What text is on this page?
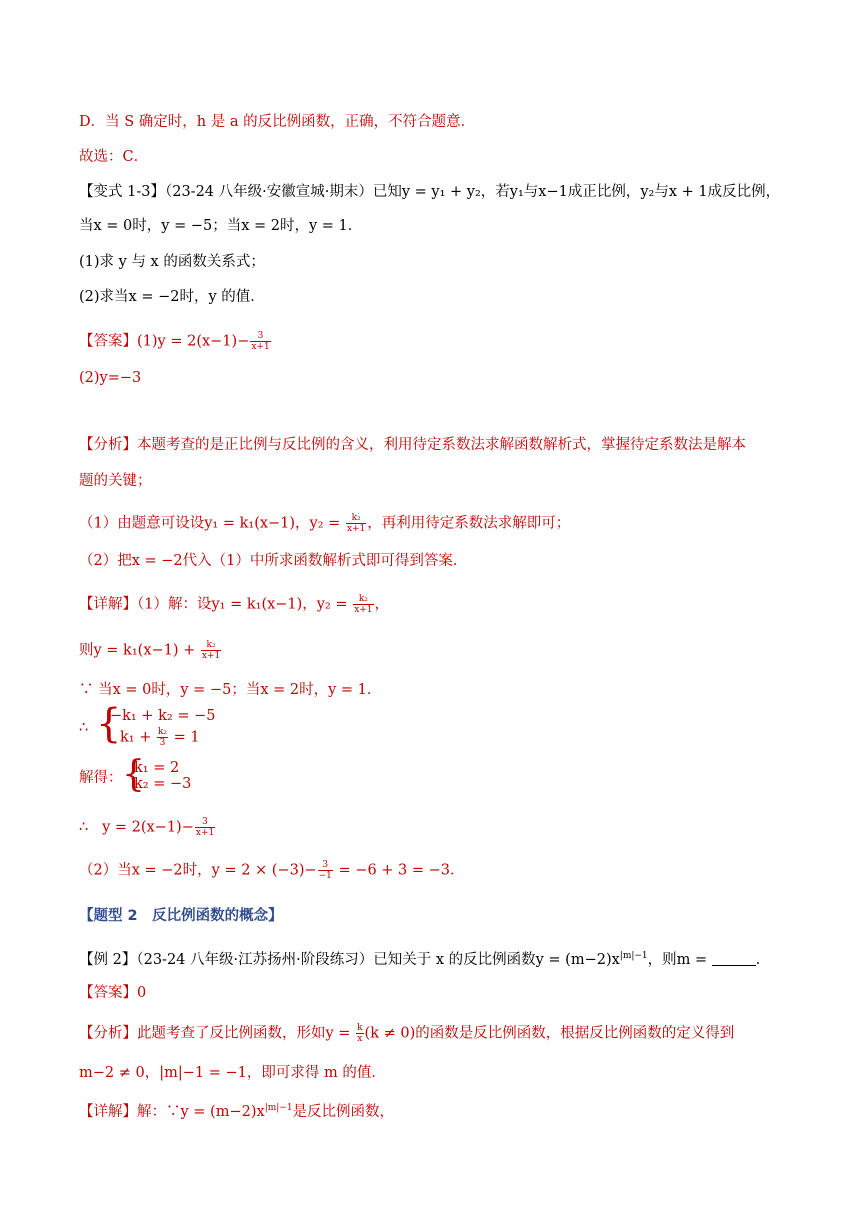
D．当 S 确定时，h 是 a 的反比例函数，正确，不符合题意．
故选：C．
【变式 1-3】（23-24 八年级·安徽宣城·期末）已知y = y₁ + y₂，若y₁与x−1成正比例，y₂与x + 1成反比例，
当x = 0时，y = −5；当x = 2时，y = 1．
(1)求 y 与 x 的函数关系式；
(2)求当x = −2时，y 的值．
【答案】$(1)y = 2(x-1)- \frac{3}{x+1}$
(2)y=−3
【分析】本题考查的是正比例与反比例的含义，利用待定系数法求解函数解析式，掌握待定系数法是解本
题的关键；
（1）由题意可设设y₁ = k₁(x−1)，$y_2 = \frac{\text{k₂}}{x+1}$ ，再利用待定系数法求解即可；
（2）把x = −2代入（1）中所求函数解析式即可得到答案．
【详解】（1）解：设y₁ = k₁(x−1)，$y_2 = \frac{\text{k₂}}{x+1}$ ，
则$y = k_1(x-1) + \frac{\text{k₂}}{x+1}$
∵ 当x = 0时，y = −5；当x = 2时，y = 1．
∴ {
−k₁ + k₂ = −5
$k_1 + \frac{\text{k₂}}{3} = 1$
解得： {
k₁ = 2
k₂ = −3
∴ $y = 2(x-1)- \frac{3}{x+1}$
（2）当x = −2时，$y = 2 \times (-3)- \frac{3}{-1} = -6 + 3 = -3$．
【题型 2　反比例函数的概念】
【例 2】（23-24 八年级·江苏扬州·阶段练习）已知关于 x 的反比例函数$y = (m-2)x^{|m|-1}$，则m =	．
【答案】0
【分析】此题考查了反比例函数，形如$y = \frac{k}{x} (k \ne 0)$的函数是反比例函数，根据反比例函数的定义得到
m−2 ≠ 0，|m|−1 = −1，即可求得 m 的值．
【详解】解：∵y = $(m-2)x^{|m|-1}$是反比例函数，
